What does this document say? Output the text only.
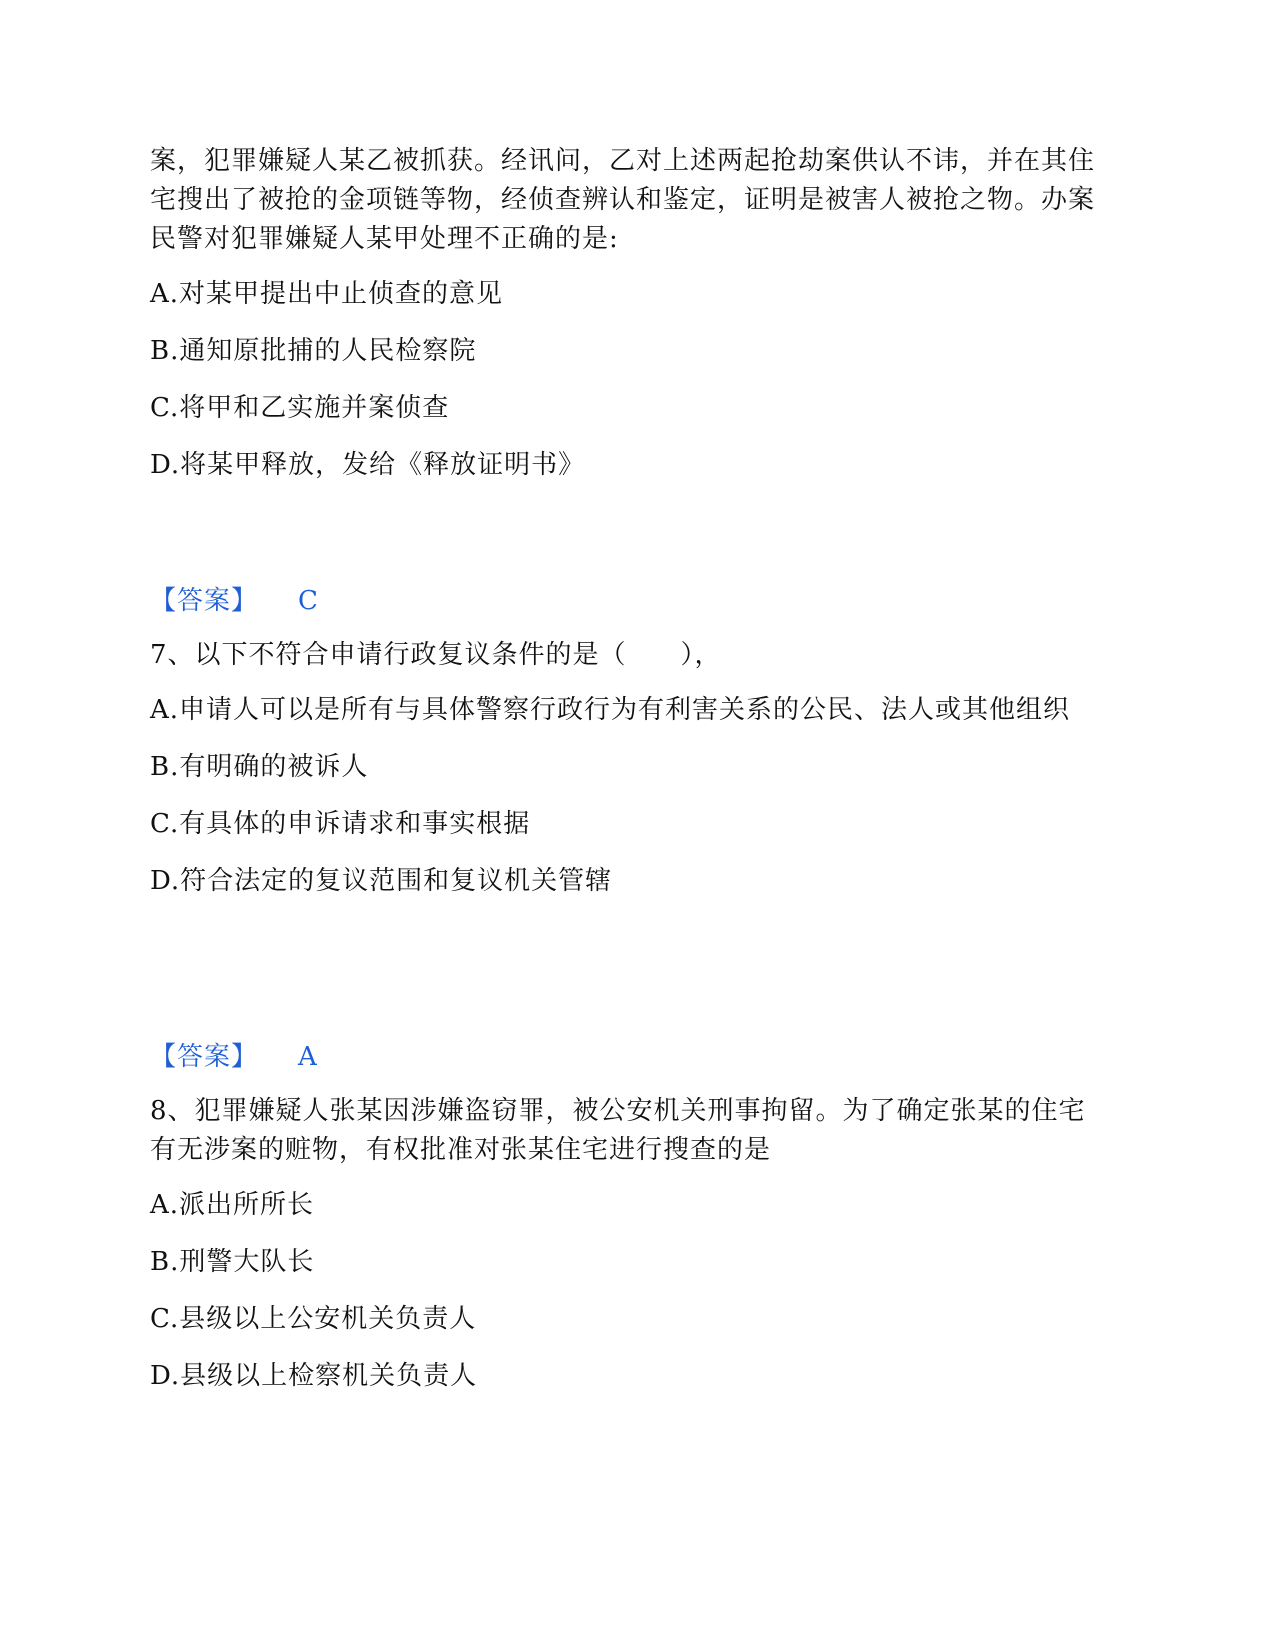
案，犯罪嫌疑人某乙被抓获。经讯问，乙对上述两起抢劫案供认不讳，并在其住宅搜出了被抢的金项链等物，经侦查辨认和鉴定，证明是被害人被抢之物。办案民警对犯罪嫌疑人某甲处理不正确的是:

A.对某甲提出中止侦查的意见

B.通知原批捕的人民检察院

C.将甲和乙实施并案侦查

D.将某甲释放，发给《释放证明书》

【答案】 C

7、以下不符合申请行政复议条件的是（　　），

A.申请人可以是所有与具体警察行政行为有利害关系的公民、法人或其他组织

B.有明确的被诉人

C.有具体的申诉请求和事实根据

D.符合法定的复议范围和复议机关管辖

【答案】 A

8、犯罪嫌疑人张某因涉嫌盗窃罪，被公安机关刑事拘留。为了确定张某的住宅有无涉案的赃物，有权批准对张某住宅进行搜查的是

A.派出所所长

B.刑警大队长

C.县级以上公安机关负责人

D.县级以上检察机关负责人
